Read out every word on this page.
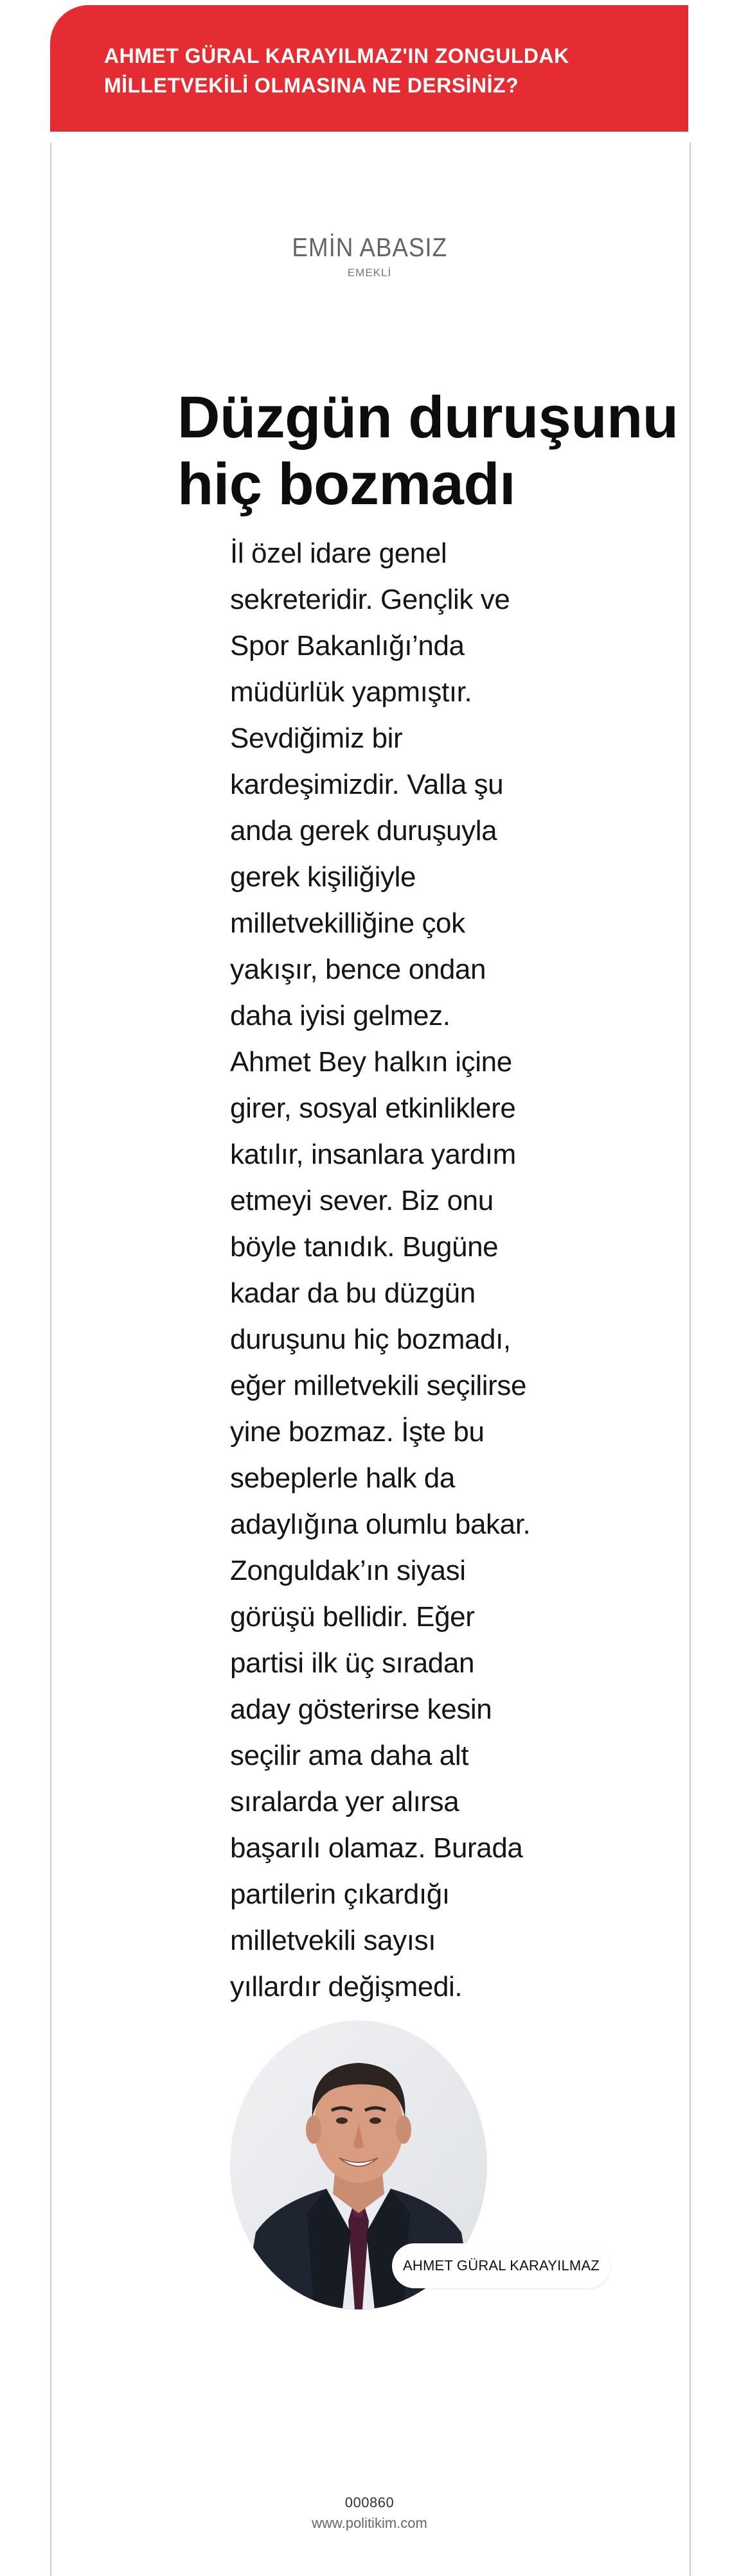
AHMET GÜRAL KARAYILMAZ'IN ZONGULDAK MİLLETVEKİLİ OLMASINA NE DERSİNİZ?
EMİN ABASIZ
EMEKLİ
Düzgün duruşunu hiç bozmadı

İl özel idare genel sekreteridir. Gençlik ve Spor Bakanlığı’nda müdürlük yapmıştır. Sevdiğimiz bir kardeşimizdir. Valla şu anda gerek duruşuyla gerek kişiliğiyle milletvekilliğine çok yakışır, bence ondan daha iyisi gelmez. Ahmet Bey halkın içine girer, sosyal etkinliklere katılır, insanlara yardım etmeyi sever. Biz onu böyle tanıdık. Bugüne kadar da bu düzgün duruşunu hiç bozmadı, eğer milletvekili seçilirse yine bozmaz. İşte bu sebeplerle halk da adaylığına olumlu bakar. Zonguldak’ın siyasi görüşü bellidir. Eğer partisi ilk üç sıradan aday gösterirse kesin seçilir ama daha alt sıralarda yer alırsa başarılı olamaz. Burada partilerin çıkardığı milletvekili sayısı yıllardır değişmedi.

AHMET GÜRAL KARAYILMAZ
000860
www.politikim.com
